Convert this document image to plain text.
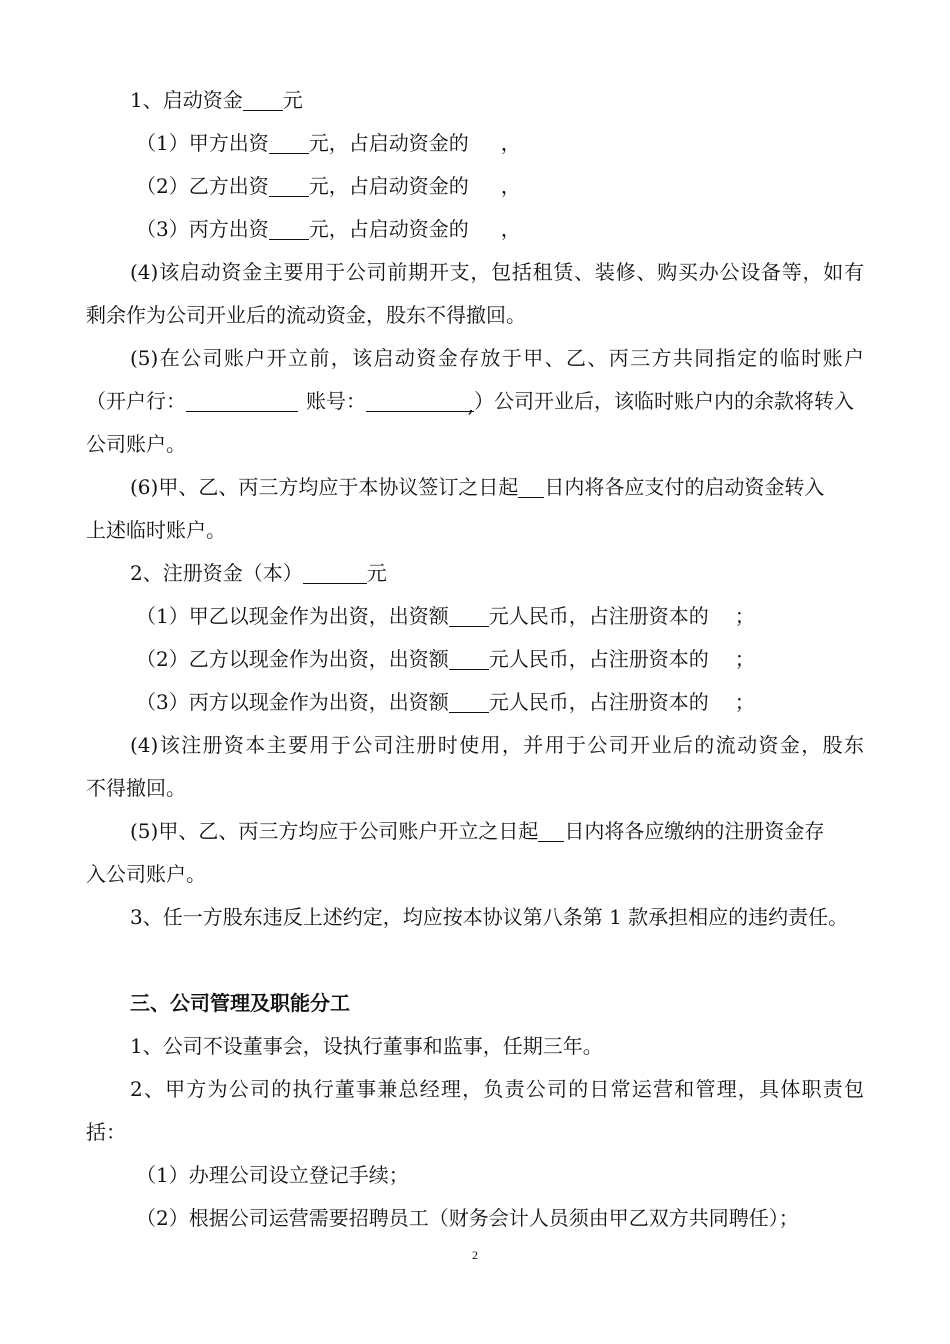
1、启动资金 元
（1）甲方出资 元，占启动资金的 ，
（2）乙方出资 元，占启动资金的 ，
（3）丙方出资 元，占启动资金的 ，
(4)该启动资金主要用于公司前期开支，包括租赁、装修、购买办公设备等，如有
剩余作为公司开业后的流动资金，股东不得撤回。
(5)在公司账户开立前，该启动资金存放于甲、乙、丙三方共同指定的临时账户
（开户行：	账号：	, ）公司开业后，该临时账户内的余款将转入
公司账户。
(6)甲、乙、丙三方均应于本协议签订之日起 日内将各应支付的启动资金转入
上述临时账户。
2、注册资金（本）	元
（1）甲乙以现金作为出资，出资额 元人民币，占注册资本的 ；
（2）乙方以现金作为出资，出资额 元人民币，占注册资本的 ；
（3）丙方以现金作为出资，出资额 元人民币，占注册资本的 ；
(4)该注册资本主要用于公司注册时使用，并用于公司开业后的流动资金，股东
不得撤回。
(5)甲、乙、丙三方均应于公司账户开立之日起 日内将各应缴纳的注册资金存
入公司账户。
3、任一方股东违反上述约定，均应按本协议第八条第 1 款承担相应的违约责任。
三、公司管理及职能分工
1、公司不设董事会，设执行董事和监事，任期三年。
2、甲方为公司的执行董事兼总经理，负责公司的日常运营和管理，具体职责包
括：
（1）办理公司设立登记手续；
（2）根据公司运营需要招聘员工（财务会计人员须由甲乙双方共同聘任）；
2
